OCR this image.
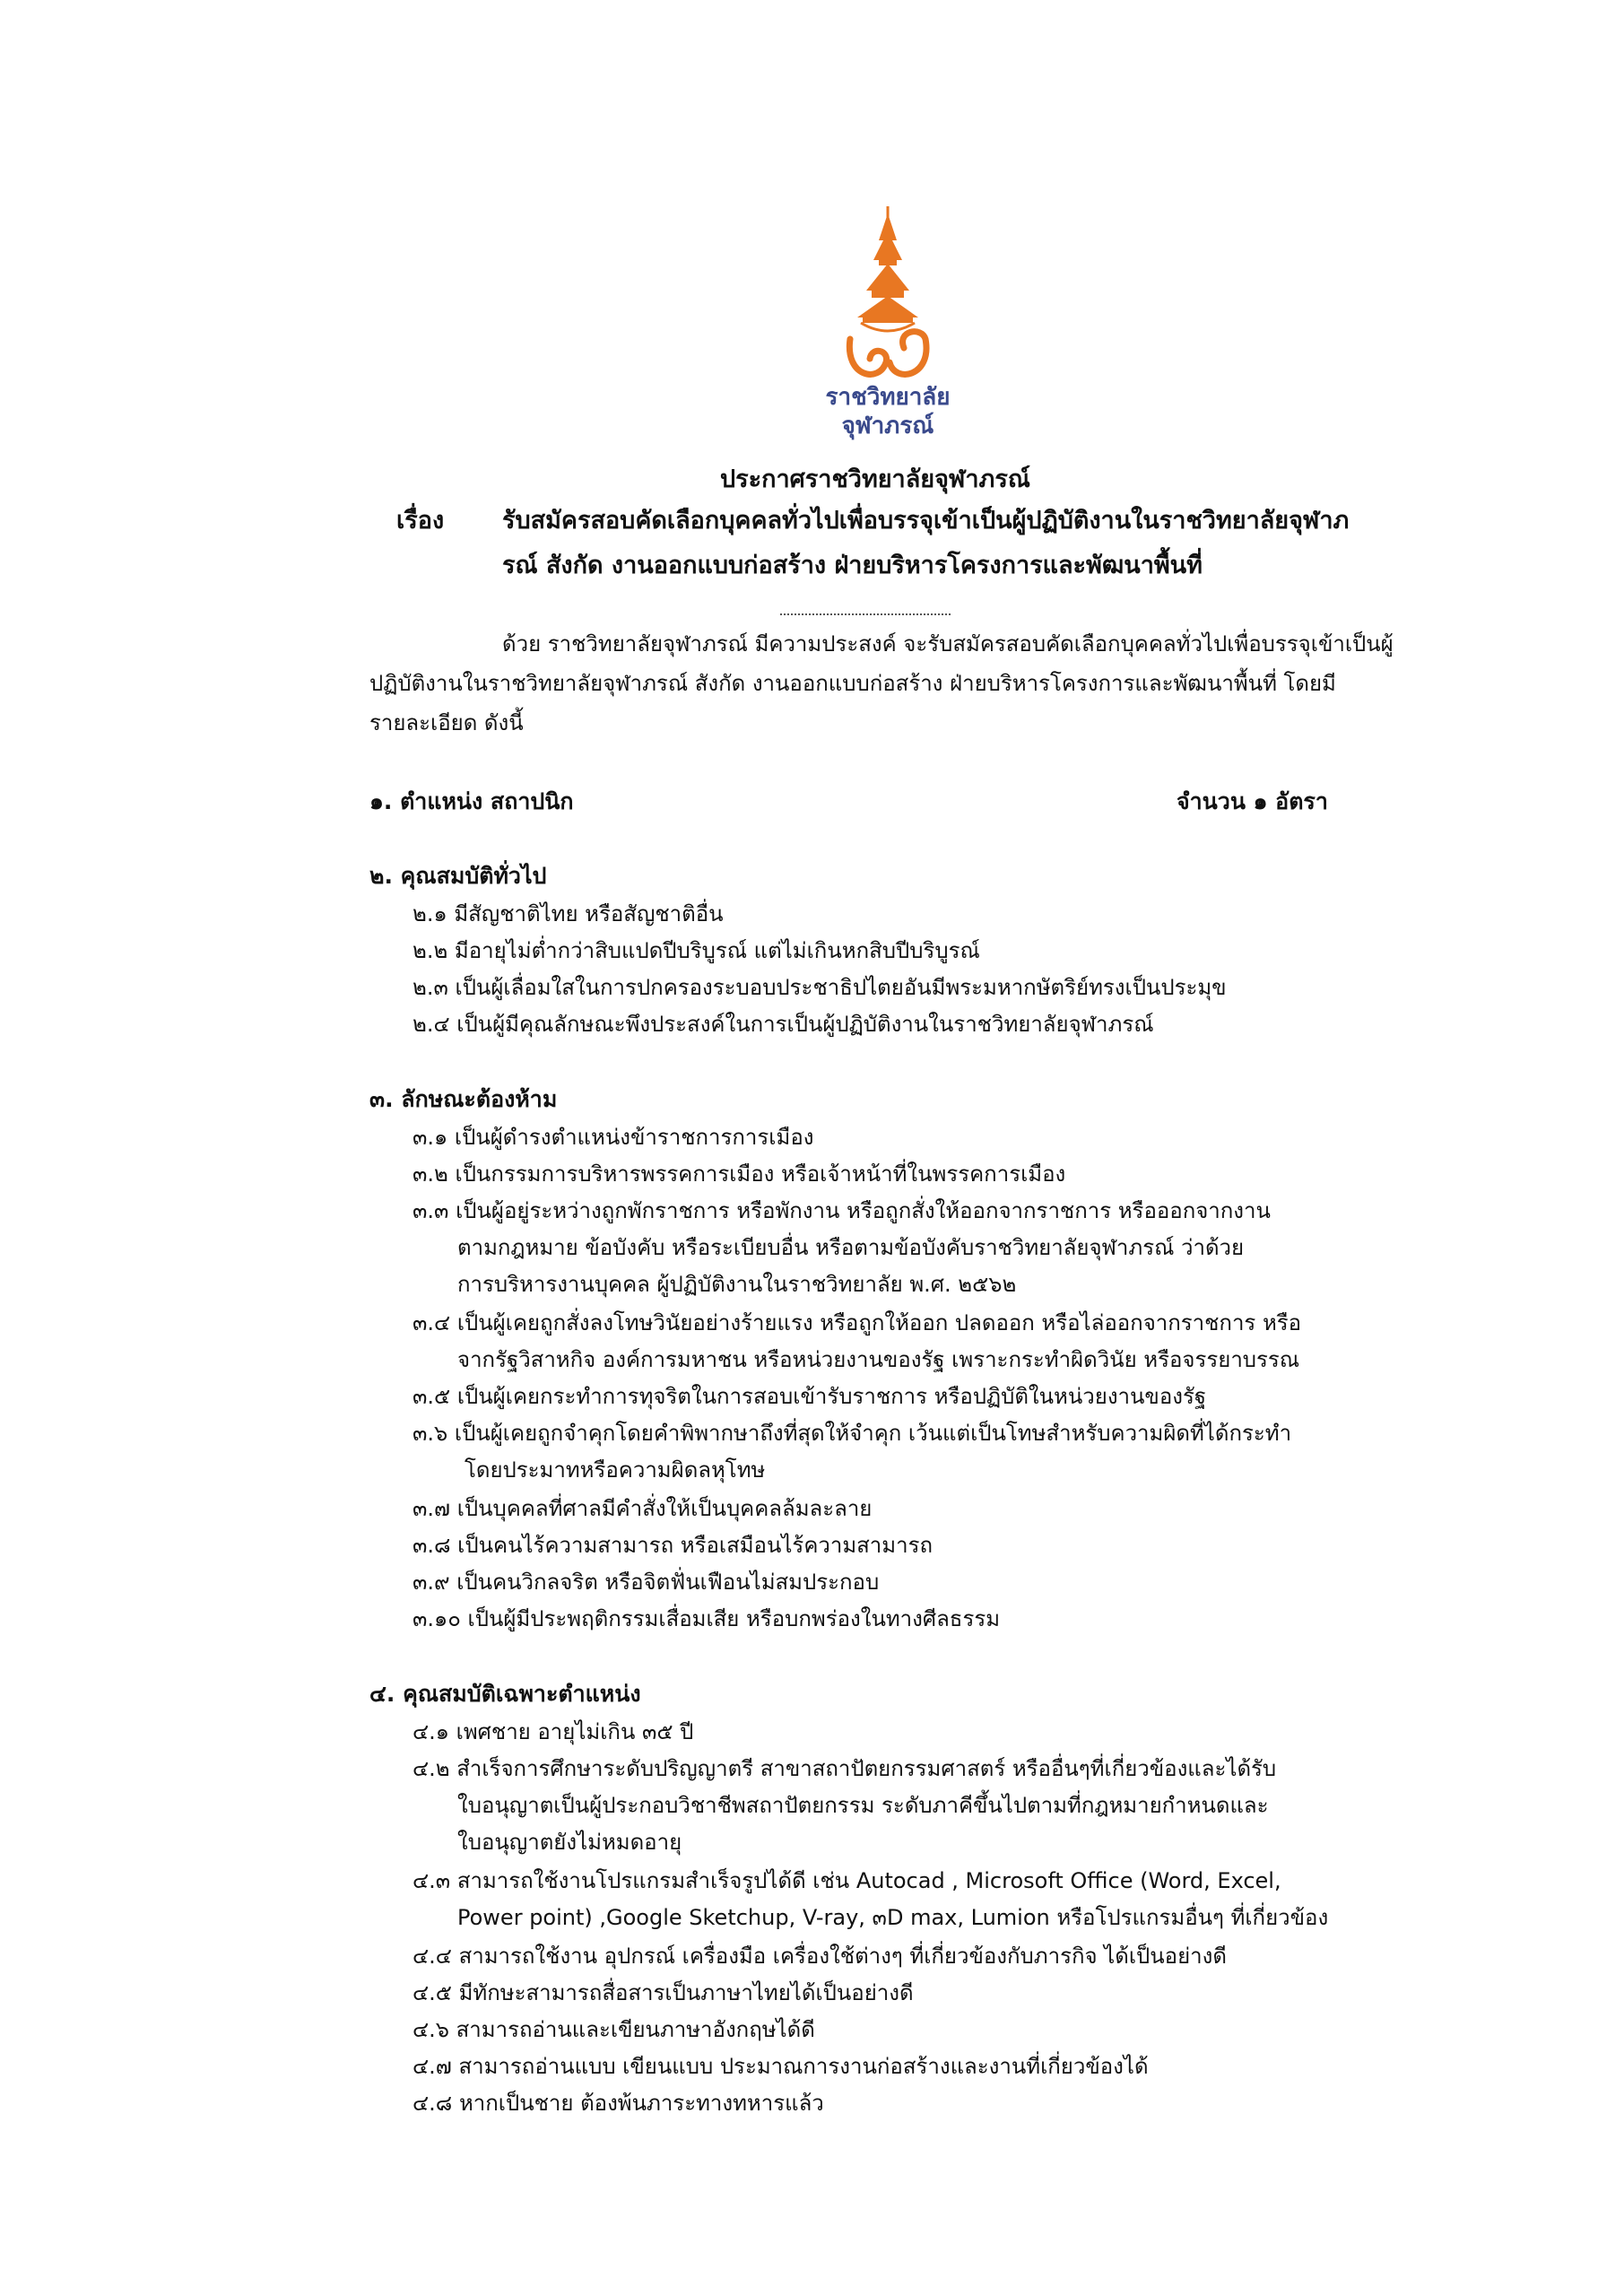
ราชวิทยาลัย
จุฬาภรณ์
ประกาศราชวิทยาลัยจุฬาภรณ์
เรื่อง รับสมัครสอบคัดเลือกบุคคลทั่วไปเพื่อบรรจุเข้าเป็นผู้ปฏิบัติงานในราชวิทยาลัยจุฬาภ
รณ์ สังกัด งานออกแบบก่อสร้าง ฝ่ายบริหารโครงการและพัฒนาพื้นที่
ด้วย ราชวิทยาลัยจุฬาภรณ์ มีความประสงค์ จะรับสมัครสอบคัดเลือกบุคคลทั่วไปเพื่อบรรจุเข้าเป็นผู้
ปฏิบัติงานในราชวิทยาลัยจุฬาภรณ์ สังกัด งานออกแบบก่อสร้าง ฝ่ายบริหารโครงการและพัฒนาพื้นที่ โดยมี
รายละเอียด ดังนี้
๑. ตำแหน่ง สถาปนิก	จำนวน ๑ อัตรา
๒. คุณสมบัติทั่วไป
๒.๑ มีสัญชาติไทย หรือสัญชาติอื่น
๒.๒ มีอายุไม่ต่ำกว่าสิบแปดปีบริบูรณ์ แต่ไม่เกินหกสิบปีบริบูรณ์
๒.๓ เป็นผู้เลื่อมใสในการปกครองระบอบประชาธิปไตยอันมีพระมหากษัตริย์ทรงเป็นประมุข
๒.๔ เป็นผู้มีคุณลักษณะพึงประสงค์ในการเป็นผู้ปฏิบัติงานในราชวิทยาลัยจุฬาภรณ์
๓. ลักษณะต้องห้าม
๓.๑ เป็นผู้ดำรงตำแหน่งข้าราชการการเมือง
๓.๒ เป็นกรรมการบริหารพรรคการเมือง หรือเจ้าหน้าที่ในพรรคการเมือง
๓.๓ เป็นผู้อยู่ระหว่างถูกพักราชการ หรือพักงาน หรือถูกสั่งให้ออกจากราชการ หรือออกจากงาน
ตามกฎหมาย ข้อบังคับ หรือระเบียบอื่น หรือตามข้อบังคับราชวิทยาลัยจุฬาภรณ์ ว่าด้วย
การบริหารงานบุคคล ผู้ปฏิบัติงานในราชวิทยาลัย พ.ศ. ๒๕๖๒
๓.๔ เป็นผู้เคยถูกสั่งลงโทษวินัยอย่างร้ายแรง หรือถูกให้ออก ปลดออก หรือไล่ออกจากราชการ หรือ
จากรัฐวิสาหกิจ องค์การมหาชน หรือหน่วยงานของรัฐ เพราะกระทำผิดวินัย หรือจรรยาบรรณ
๓.๕ เป็นผู้เคยกระทำการทุจริตในการสอบเข้ารับราชการ หรือปฏิบัติในหน่วยงานของรัฐ
๓.๖ เป็นผู้เคยถูกจำคุกโดยคำพิพากษาถึงที่สุดให้จำคุก เว้นแต่เป็นโทษสำหรับความผิดที่ได้กระทำ
โดยประมาทหรือความผิดลหุโทษ
๓.๗ เป็นบุคคลที่ศาลมีคำสั่งให้เป็นบุคคลล้มละลาย
๓.๘ เป็นคนไร้ความสามารถ หรือเสมือนไร้ความสามารถ
๓.๙ เป็นคนวิกลจริต หรือจิตฟั่นเฟือนไม่สมประกอบ
๓.๑๐ เป็นผู้มีประพฤติกรรมเสื่อมเสีย หรือบกพร่องในทางศีลธรรม
๔. คุณสมบัติเฉพาะตำแหน่ง
๔.๑ เพศชาย อายุไม่เกิน ๓๕ ปี
๔.๒ สำเร็จการศึกษาระดับปริญญาตรี สาขาสถาปัตยกรรมศาสตร์ หรืออื่นๆที่เกี่ยวข้องและได้รับ
ใบอนุญาตเป็นผู้ประกอบวิชาชีพสถาปัตยกรรม ระดับภาคีขึ้นไปตามที่กฎหมายกำหนดและ
ใบอนุญาตยังไม่หมดอายุ
๔.๓ สามารถใช้งานโปรแกรมสำเร็จรูปได้ดี เช่น Autocad , Microsoft Office (Word, Excel,
Power point) ,Google Sketchup, V-ray, ๓D max, Lumion หรือโปรแกรมอื่นๆ ที่เกี่ยวข้อง
๔.๔ สามารถใช้งาน อุปกรณ์ เครื่องมือ เครื่องใช้ต่างๆ ที่เกี่ยวข้องกับภารกิจ ได้เป็นอย่างดี
๔.๕ มีทักษะสามารถสื่อสารเป็นภาษาไทยได้เป็นอย่างดี
๔.๖ สามารถอ่านและเขียนภาษาอังกฤษได้ดี
๔.๗ สามารถอ่านแบบ เขียนแบบ ประมาณการงานก่อสร้างและงานที่เกี่ยวข้องได้
๔.๘ หากเป็นชาย ต้องพ้นภาระทางทหารแล้ว
